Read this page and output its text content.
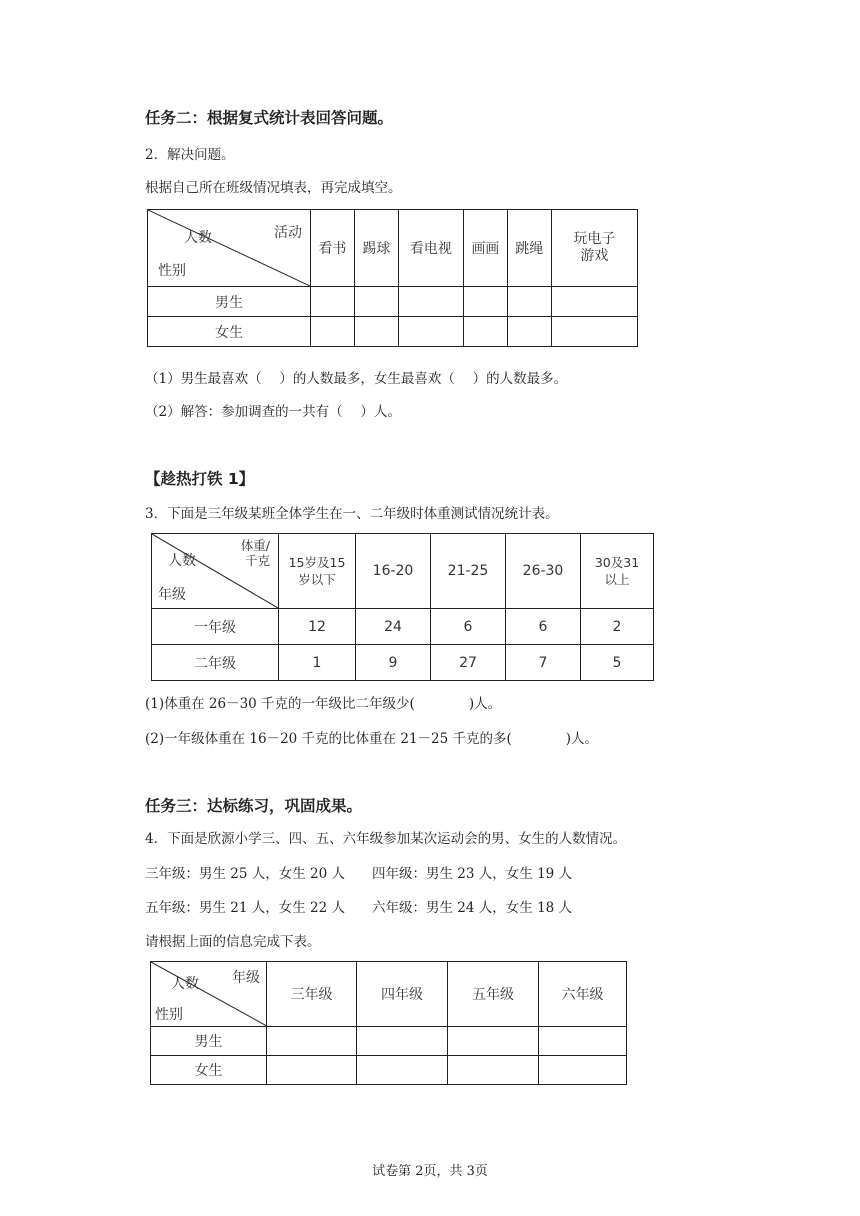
任务二：根据复式统计表回答问题。
2．解决问题。
根据自己所在班级情况填表，再完成填空。
活动
人数
性别	看书	踢球	看电视	画画	跳绳	玩电子游戏

男生						
女生						
（1）男生最喜欢（　 ）的人数最多，女生最喜欢（　 ）的人数最多。
（2）解答：参加调查的一共有（　 ）人。
【趁热打铁 1】
3．下面是三年级某班全体学生在一、二年级时体重测试情况统计表。
体重/千克
人数
年级	15岁及15岁以下	16-20	21-25	26-30	30及31以上

一年级	12	24	6	6	2
二年级	1	9	27	7	5
(1)体重在 26－30 千克的一年级比二年级少(　　　　)人。
(2)一年级体重在 16－20 千克的比体重在 21－25 千克的多(　　　　)人。
任务三：达标练习，巩固成果。
4．下面是欣源小学三、四、五、六年级参加某次运动会的男、女生的人数情况。
三年级：男生 25 人，女生 20 人　　四年级：男生 23 人，女生 19 人
五年级：男生 21 人，女生 22 人　　六年级：男生 24 人，女生 18 人
请根据上面的信息完成下表。
年级
人数
性别	三年级	四年级	五年级	六年级
男生				
女生				
试卷第 2页，共 3页
